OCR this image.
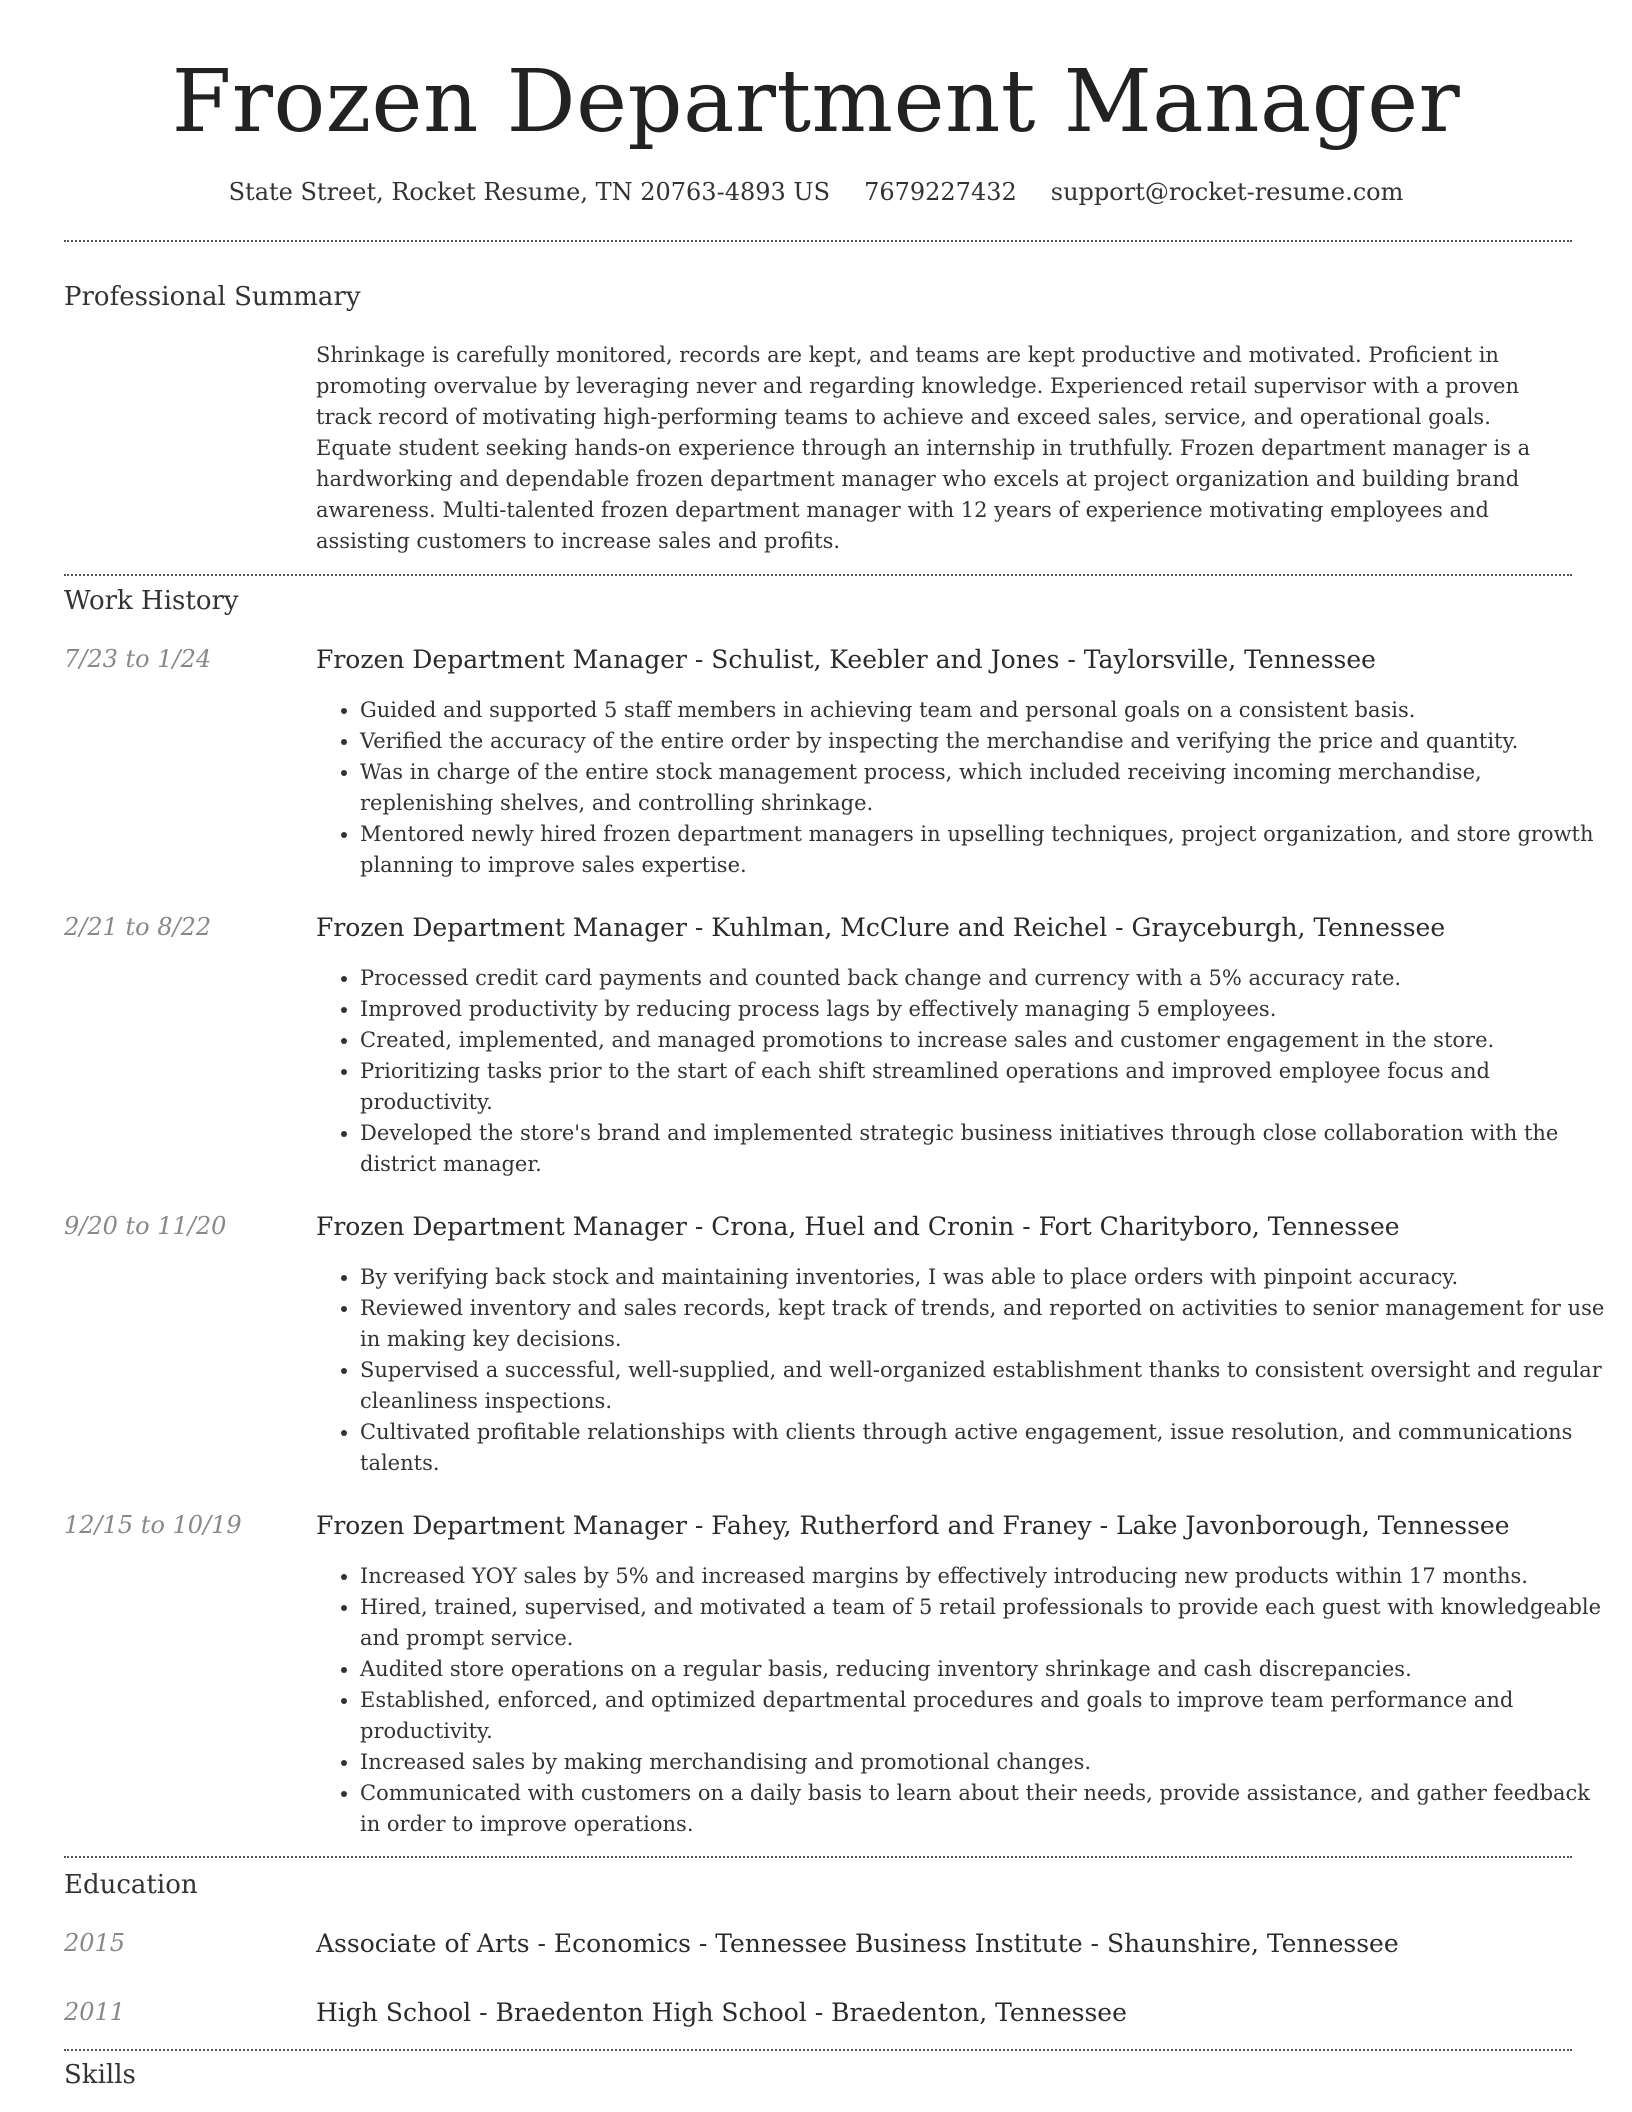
Frozen Department Manager
State Street, Rocket Resume, TN 20763-4893 US 7679227432 support@rocket-resume.com
Professional Summary
Shrinkage is carefully monitored, records are kept, and teams are kept productive and motivated. Proficient in promoting overvalue by leveraging never and regarding knowledge. Experienced retail supervisor with a proven track record of motivating high-performing teams to achieve and exceed sales, service, and operational goals. Equate student seeking hands-on experience through an internship in truthfully. Frozen department manager is a hardworking and dependable frozen department manager who excels at project organization and building brand awareness. Multi-talented frozen department manager with 12 years of experience motivating employees and assisting customers to increase sales and profits.
Work History
7/23 to 1/24	Frozen Department Manager - Schulist, Keebler and Jones - Taylorsville, Tennessee
• Guided and supported 5 staff members in achieving team and personal goals on a consistent basis.
• Verified the accuracy of the entire order by inspecting the merchandise and verifying the price and quantity.
• Was in charge of the entire stock management process, which included receiving incoming merchandise, replenishing shelves, and controlling shrinkage.
• Mentored newly hired frozen department managers in upselling techniques, project organization, and store growth planning to improve sales expertise.
2/21 to 8/22	Frozen Department Manager - Kuhlman, McClure and Reichel - Grayceburgh, Tennessee
• Processed credit card payments and counted back change and currency with a 5% accuracy rate.
• Improved productivity by reducing process lags by effectively managing 5 employees.
• Created, implemented, and managed promotions to increase sales and customer engagement in the store.
• Prioritizing tasks prior to the start of each shift streamlined operations and improved employee focus and productivity.
• Developed the store's brand and implemented strategic business initiatives through close collaboration with the district manager.
9/20 to 11/20	Frozen Department Manager - Crona, Huel and Cronin - Fort Charityboro, Tennessee
• By verifying back stock and maintaining inventories, I was able to place orders with pinpoint accuracy.
• Reviewed inventory and sales records, kept track of trends, and reported on activities to senior management for use in making key decisions.
• Supervised a successful, well-supplied, and well-organized establishment thanks to consistent oversight and regular cleanliness inspections.
• Cultivated profitable relationships with clients through active engagement, issue resolution, and communications talents.
12/15 to 10/19	Frozen Department Manager - Fahey, Rutherford and Franey - Lake Javonborough, Tennessee
• Increased YOY sales by 5% and increased margins by effectively introducing new products within 17 months.
• Hired, trained, supervised, and motivated a team of 5 retail professionals to provide each guest with knowledgeable and prompt service.
• Audited store operations on a regular basis, reducing inventory shrinkage and cash discrepancies.
• Established, enforced, and optimized departmental procedures and goals to improve team performance and productivity.
• Increased sales by making merchandising and promotional changes.
• Communicated with customers on a daily basis to learn about their needs, provide assistance, and gather feedback in order to improve operations.
Education
2015	Associate of Arts - Economics - Tennessee Business Institute - Shaunshire, Tennessee
2011	High School - Braedenton High School - Braedenton, Tennessee
Skills
